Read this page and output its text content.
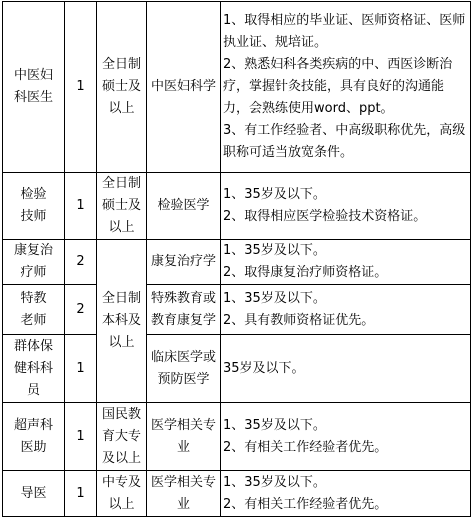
中医妇
科医生	1	全日制
硕士及
以上	中医妇科学	1、取得相应的毕业证、医师资格证、医师执业证、规培证。
2、熟悉妇科各类疾病的中、西医诊断治疗，掌握针灸技能，具有良好的沟通能力，会熟练使用word、ppt。
3、有工作经验者、中高级职称优先，高级职称可适当放宽条件。

检验
技师	1	全日制
硕士及
以上	检验医学	1、35岁及以下。
2、取得相应医学检验技术资格证。

康复治
疗师	2	全日制
本科及
以上	康复治疗学	1、35岁及以下。
2、取得康复治疗师资格证。

特教
老师	2		特殊教育或
教育康复学	1、35岁及以下。
2、具有教师资格证优先。

群体保
健科科
员	1		临床医学或
预防医学	35岁及以下。

超声科
医助	1	国民教
育大专
及以上	医学相关专
业	1、35岁及以下。
2、有相关工作经验者优先。

导医	1	中专及
以上	医学相关专
业	1、35岁及以下。
2、有相关工作经验者优先。
